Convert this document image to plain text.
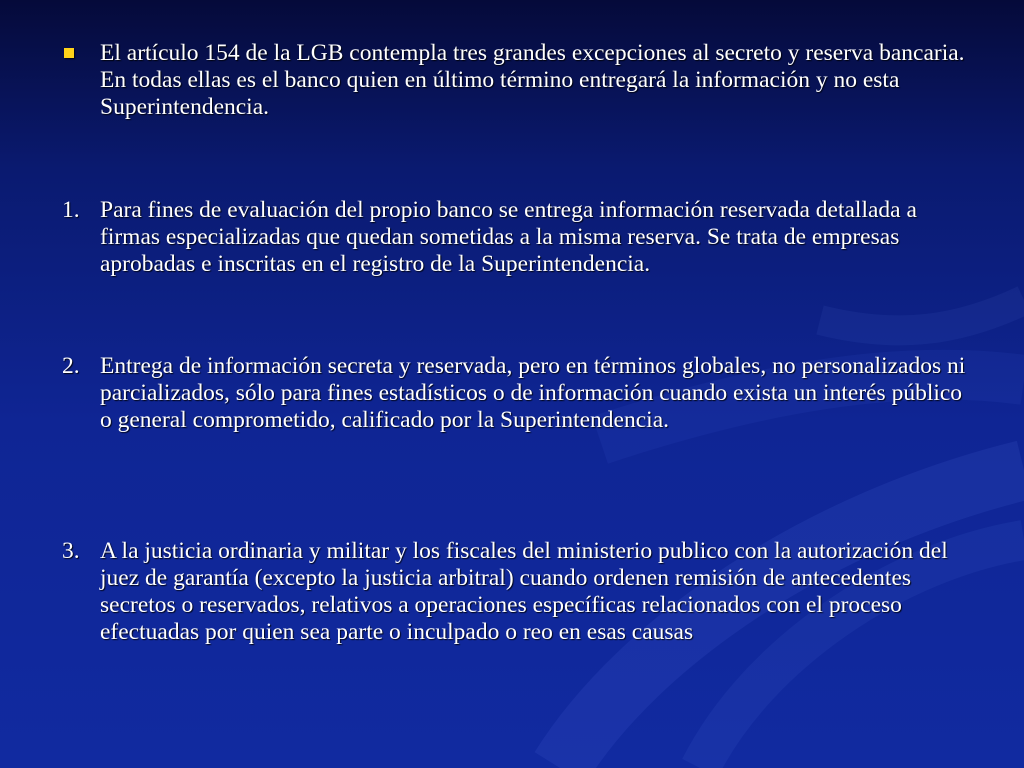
El artículo 154 de la LGB contempla tres grandes excepciones al secreto y reserva bancaria. En todas ellas es el banco quien en último término entregará la información y no esta Superintendencia.
1. Para fines de evaluación del propio banco se entrega información reservada detallada a firmas especializadas que quedan sometidas a la misma reserva. Se trata de empresas aprobadas e inscritas en el registro de la Superintendencia.
2. Entrega de información secreta y reservada, pero en términos globales, no personalizados ni parcializados, sólo para fines estadísticos o de información cuando exista un interés público o general comprometido, calificado por la Superintendencia.
3. A la justicia ordinaria y militar y los fiscales del ministerio publico con la autorización del juez de garantía (excepto la justicia arbitral) cuando ordenen remisión de antecedentes secretos o reservados, relativos a operaciones específicas relacionados con el proceso efectuadas por quien sea parte o inculpado o reo en esas causas
